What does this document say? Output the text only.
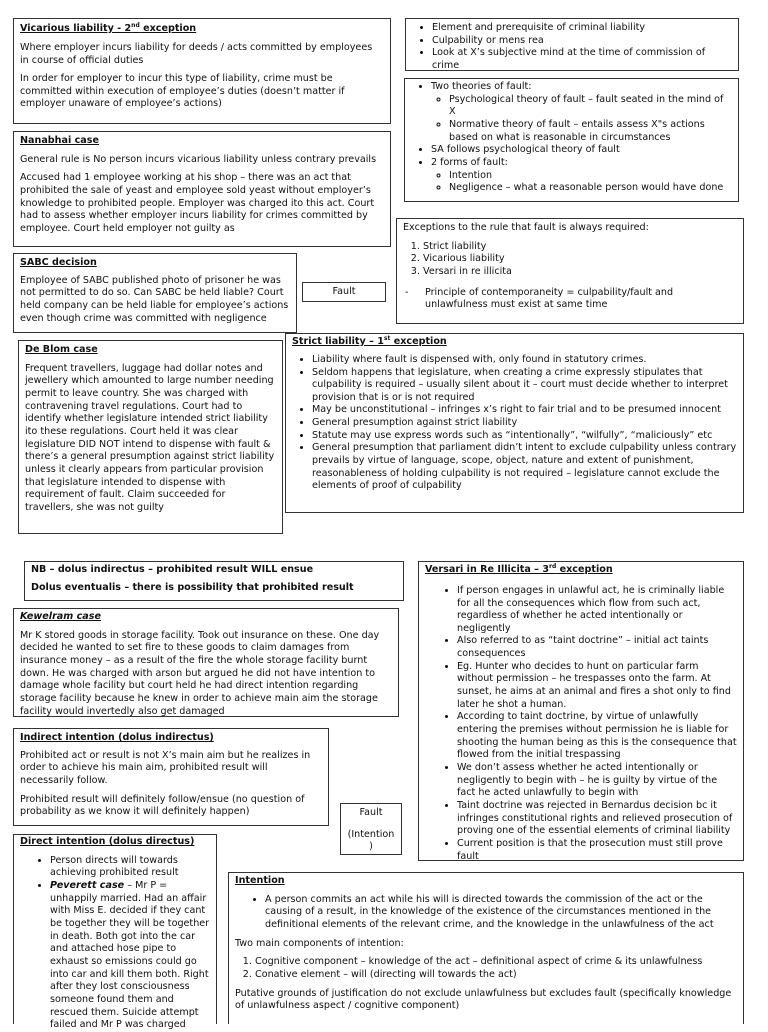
Vicarious liability - 2nd exception

Where employer incurs liability for deeds / acts committed by employees in course of official duties

In order for employer to incur this type of liability, crime must be committed within execution of employee’s duties (doesn’t matter if employer unaware of employee’s actions)

• Element and prerequisite of criminal liability
• Culpability or mens rea
• Look at X’s subjective mind at the time of commission of crime
• Two theories of fault:
◦ Psychological theory of fault – fault seated in the mind of X
◦ Normative theory of fault – entails assess X"s actions based on what is reasonable in circumstances
• SA follows psychological theory of fault
• 2 forms of fault:
◦ Intention
◦ Negligence – what a reasonable person would have done
Nanabhai case

General rule is No person incurs vicarious liability unless contrary prevails

Accused had 1 employee working at his shop – there was an act that prohibited the sale of yeast and employee sold yeast without employer’s knowledge to prohibited people. Employer was charged ito this act. Court had to assess whether employer incurs liability for crimes committed by employee. Court held employer not guilty as	Exceptions to the rule that fault is always required:

1. Strict liability
2. Vicarious liability
3. Versari in re illicita
-	Principle of contemporaneity = culpability/fault and unlawfulness must exist at same time
SABC decision

Employee of SABC published photo of prisoner he was not permitted to do so. Can SABC be held liable? Court held company can be held liable for employee’s actions even though crime was committed with negligence

Fault
Strict liability – 1st exception
• Liability where fault is dispensed with, only found in statutory crimes.
• Seldom happens that legislature, when creating a crime expressly stipulates that culpability is required – usually silent about it – court must decide whether to interpret provision that is or is not required
• May be unconstitutional – infringes x’s right to fair trial and to be presumed innocent
• General presumption against strict liability
• Statute may use express words such as “intentionally”, “wilfully”, “maliciously” etc
• General presumption that parliament didn’t intent to exclude culpability unless contrary prevails by virtue of language, scope, object, nature and extent of punishment, reasonableness of holding culpability is not required – legislature cannot exclude the elements of proof of culpability
De Blom case

Frequent travellers, luggage had dollar notes and jewellery which amounted to large number needing permit to leave country. She was charged with contravening travel regulations. Court had to identify whether legislature intended strict liability ito these regulations. Court held it was clear legislature DID NOT intend to dispense with fault & there’s a general presumption against strict liability unless it clearly appears from particular provision that legislature intended to dispense with requirement of fault. Claim succeeded for travellers, she was not guilty

NB – dolus indirectus – prohibited result WILL ensue
Dolus eventualis – there is possibility that prohibited result
Versari in Re Illicita – 3rd exception
• If person engages in unlawful act, he is criminally liable for all the consequences which flow from such act, regardless of whether he acted intentionally or negligently
• Also referred to as “taint doctrine” – initial act taints consequences
• Eg. Hunter who decides to hunt on particular farm without permission – he trespasses onto the farm. At sunset, he aims at an animal and fires a shot only to find later he shot a human.
• According to taint doctrine, by virtue of unlawfully entering the premises without permission he is liable for shooting the human being as this is the consequence that flowed from the initial trespassing
• We don’t assess whether he acted intentionally or negligently to begin with – he is guilty by virtue of the fact he acted unlawfully to begin with
• Taint doctrine was rejected in Bernardus decision bc it infringes constitutional rights and relieved prosecution of proving one of the essential elements of criminal liability
• Current position is that the prosecution must still prove fault
Kewelram case

Mr K stored goods in storage facility. Took out insurance on these. One day decided he wanted to set fire to these goods to claim damages from insurance money – as a result of the fire the whole storage facility burnt down. He was charged with arson but argued he did not have intention to damage whole facility but court held he had direct intention regarding storage facility because he knew in order to achieve main aim the storage facility would invertedly also get damaged

Indirect intention (dolus indirectus)

Prohibited act or result is not X’s main aim but he realizes in order to achieve his main aim, prohibited result will necessarily follow.

Prohibited result will definitely follow/ensue (no question of probability as we know it will definitely happen)	Fault
(Intention
)
Direct intention (dolus directus)
• Person directs will towards achieving prohibited result
• Peverett case – Mr P = unhappily married. Had an affair with Miss E. decided if they cant be together they will be together in death. Both got into the car and attached hose pipe to exhaust so emissions could go into car and kill them both. Right after they lost consciousness someone found them and rescued them. Suicide attempt failed and Mr P was charged
Intention
• A person commits an act while his will is directed towards the commission of the act or the causing of a result, in the knowledge of the existence of the circumstances mentioned in the definitional elements of the relevant crime, and the knowledge in the unlawfulness of the act

Two main components of intention:

1. Cognitive component – knowledge of the act – definitional aspect of crime & its unlawfulness
2. Conative element – will (directing will towards the act)

Putative grounds of justification do not exclude unlawfulness but excludes fault (specifically knowledge of unlawfulness aspect / cognitive component)
